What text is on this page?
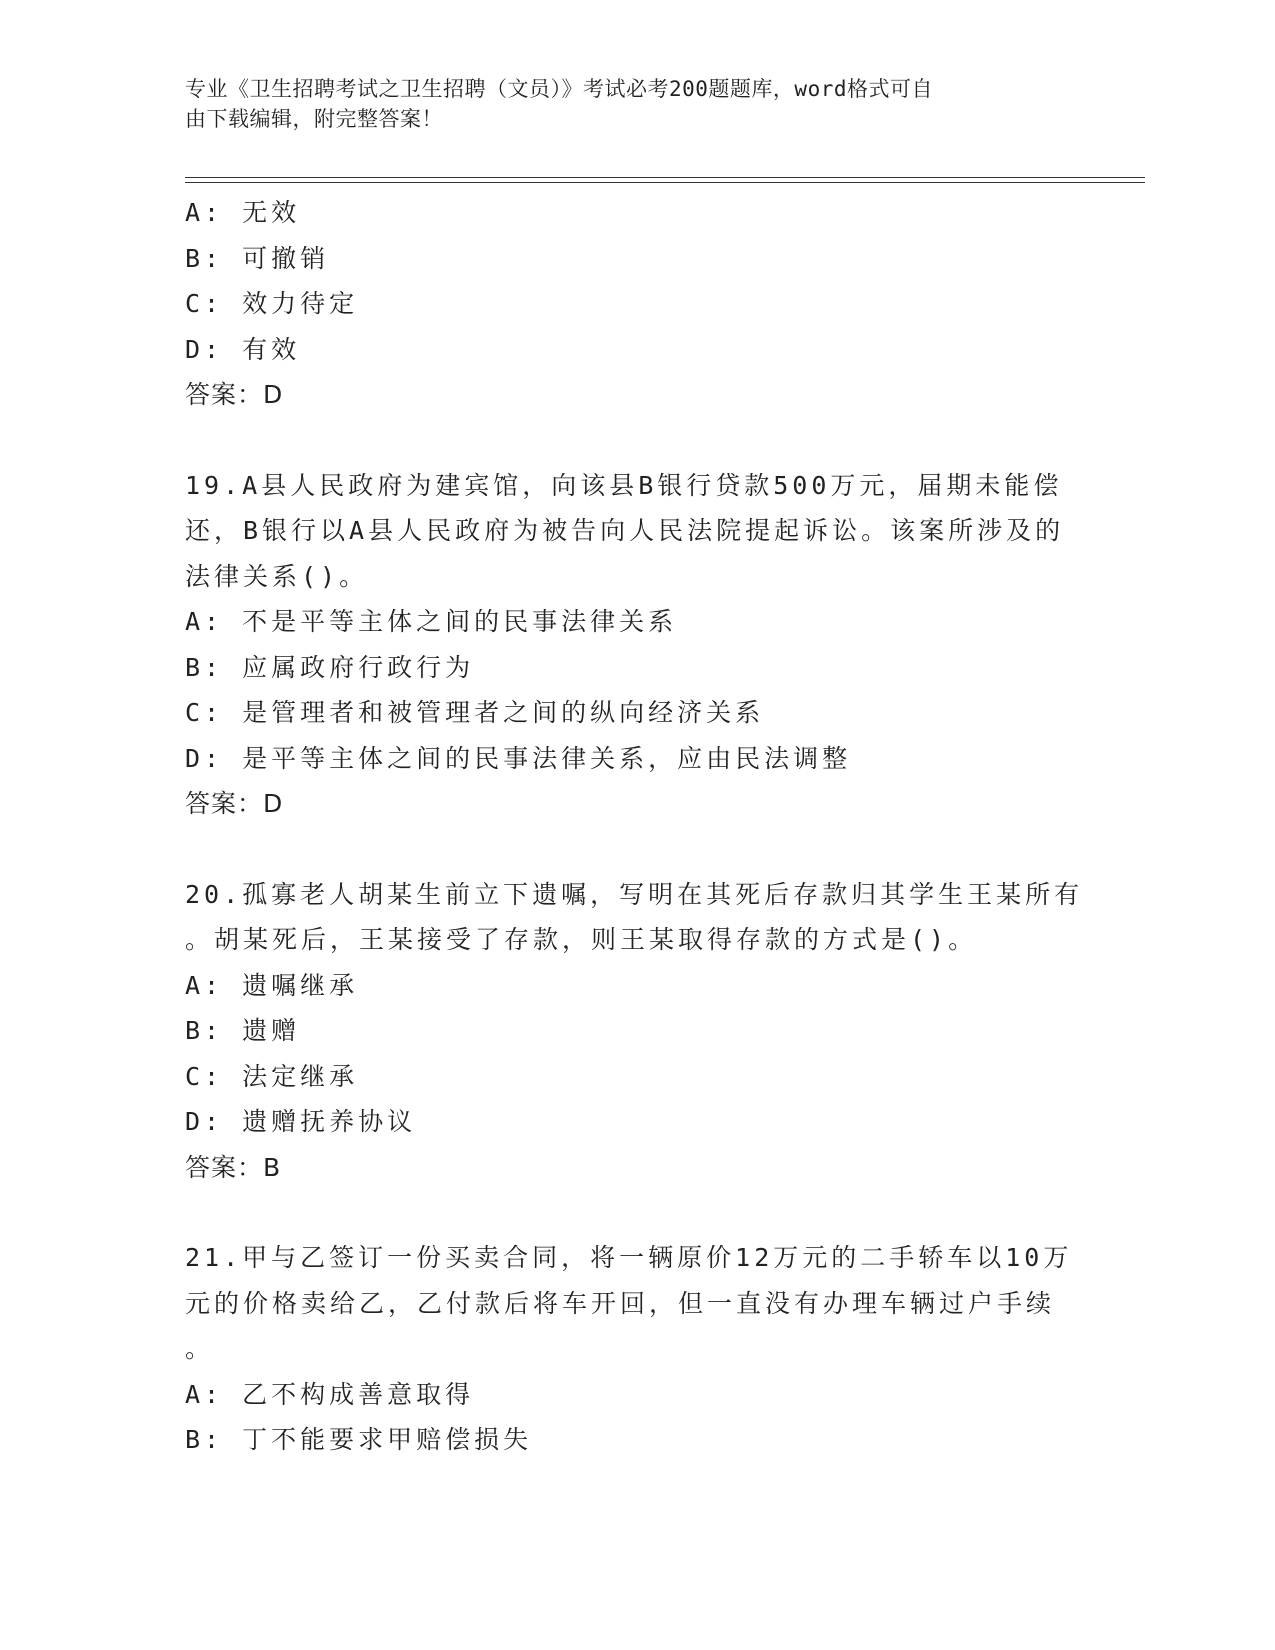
专业《卫生招聘考试之卫生招聘（文员）》考试必考200题题库，word格式可自
由下载编辑，附完整答案！
A: 无效
B: 可撤销
C: 效力待定
D: 有效
答案：D
19.A县人民政府为建宾馆，向该县B银行贷款500万元，届期未能偿
还，B银行以A县人民政府为被告向人民法院提起诉讼。该案所涉及的
法律关系()。
A: 不是平等主体之间的民事法律关系
B: 应属政府行政行为
C: 是管理者和被管理者之间的纵向经济关系
D: 是平等主体之间的民事法律关系，应由民法调整
答案：D
20.孤寡老人胡某生前立下遗嘱，写明在其死后存款归其学生王某所有
。胡某死后，王某接受了存款，则王某取得存款的方式是()。
A: 遗嘱继承
B: 遗赠
C: 法定继承
D: 遗赠抚养协议
答案：B
21.甲与乙签订一份买卖合同，将一辆原价12万元的二手轿车以10万
元的价格卖给乙，乙付款后将车开回，但一直没有办理车辆过户手续
。
A: 乙不构成善意取得
B: 丁不能要求甲赔偿损失
